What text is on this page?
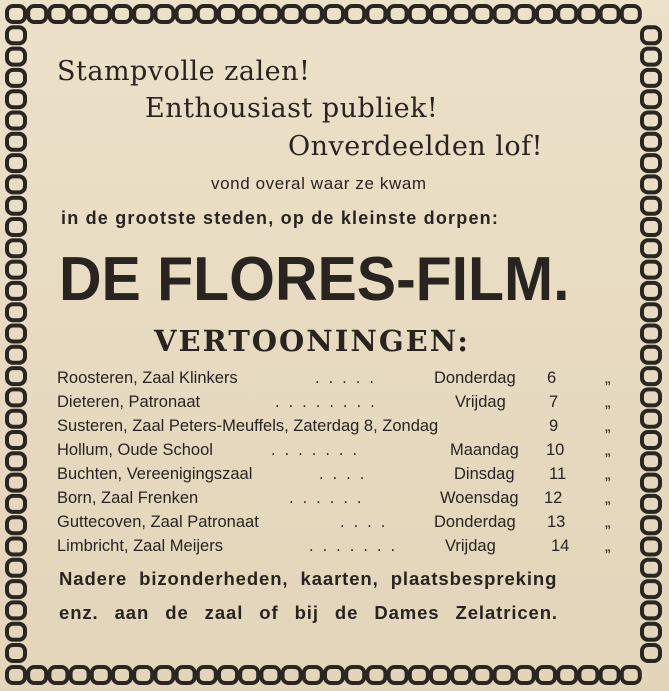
Stampvolle zalen!
Enthousiast publiek!
Onverdeelden lof!
vond overal waar ze kwam
in de grootste steden, op de kleinste dorpen:
DE FLORES-FILM.
VERTOONINGEN:
Roosteren, Zaal Klinkers	.....	Donderdag 6	„
Dieteren, Patronaat	........	Vrijdag	7	„
Susteren, Zaal Peters-Meuffels, Zaterdag 8, Zondag	9	„
Hollum, Oude School	.......	Maandag 10 „
Buchten, Vereenigingszaal	....	Dinsdag 11 „
Born, Zaal Frenken	......	Woensdag 12	„
Guttecoven, Zaal Patronaat	.... Donderdag 13 „
Limbricht, Zaal Meijers	....... Vrijdag	14 „
Nadere bizonderheden, kaarten, plaatsbespreking
enz. aan de zaal of bij de Dames Zelatricen.
